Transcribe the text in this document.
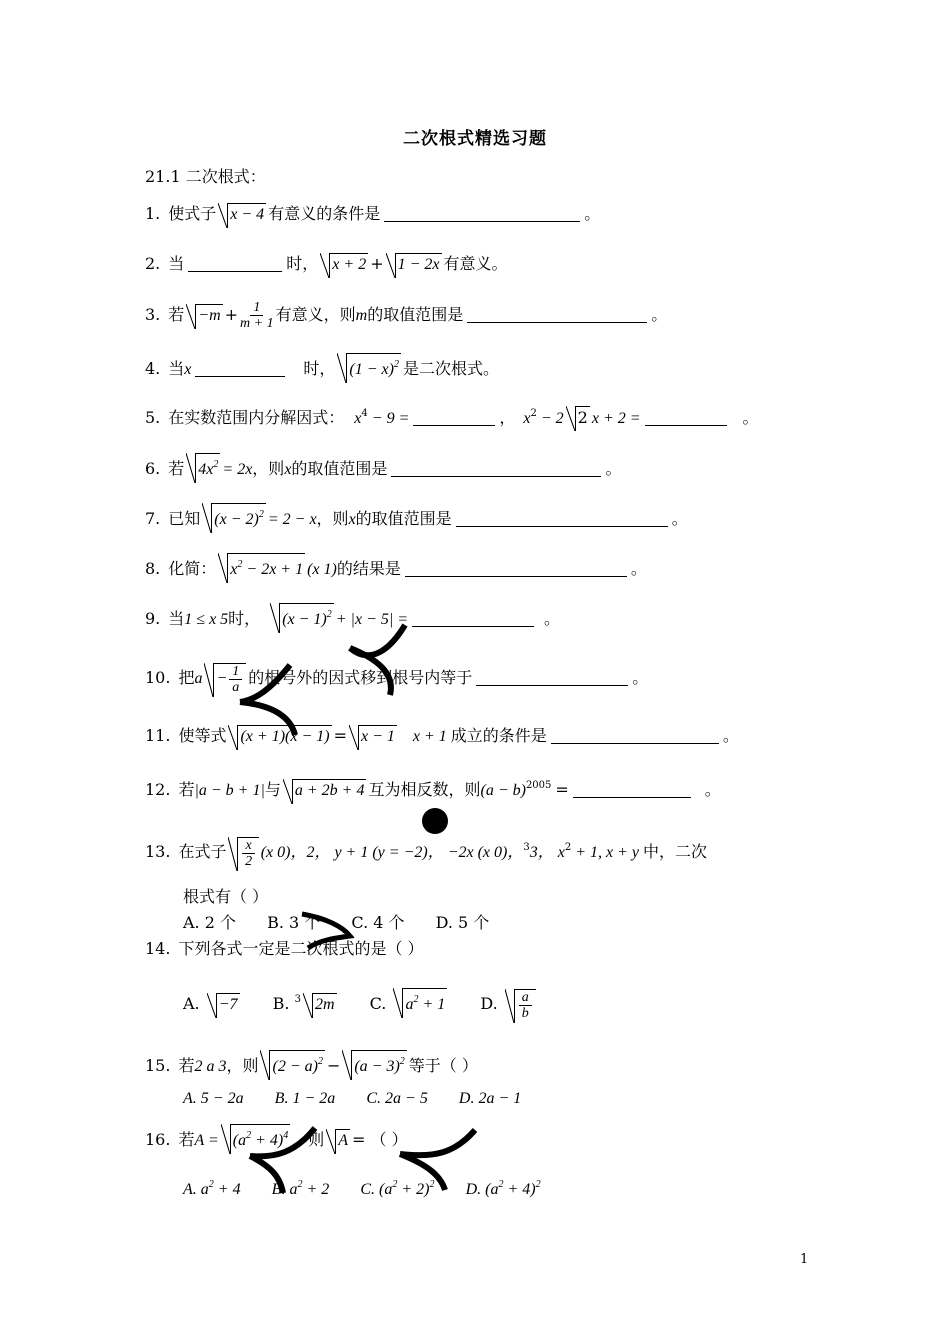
二次根式精选习题
21.1 二次根式：
1. 使式子 x − 4 有意义的条件是	。
2. 当	时， x + 2 + 1 − 2x 有意义。
3. 若 $-m + \frac{1}{m + 1}$ 有意义，则m的取值范围是	。
4. 当x	时， $(1 - x)^2$ 是二次根式。
5. 在实数范围内分解因式： $x^4 - 9$ =	， $x^2 - 2$ 2 x + 2 =	。
6. 若 $4x^2 = 2x$，则x的取值范围是	。
7. 已知 $(x - 2)^2 = 2 - x$，则x的取值范围是	。
8. 化简： $x^2 - 2x + 1$ (x 1)的结果是	。
9. 当1 ≤ x 5时， $(x - 1)^2 + |x - 5|$ =	。
10. 把$a - \frac{1}{a}$ 的根号外的因式移到根号内等于	。
11. 使等式 (x + 1)(x − 1) = x − 1 x + 1 成立的条件是	。
12. 若|a − b + 1|与 a + 2b + 4 互为相反数，则$(a - b)^{2005}$ =	。
13. 在式子 $\frac{x}{2} (x$ 0)，2， y + 1 (y = −2)， −2x (x 0)，$^3$3， $x^2 + 1$, x + y 中，二次
根式有（ ）
A. 2 个 B. 3 个 C. 4 个 D. 5 个
14. 下列各式一定是二次根式的是（ ）
A. −7 B. $^3$ 2m C. $a^2 + 1$ D. $\frac{a}{b}$
15. 若2 a 3，则 $(2 - a)^2 - (a - 3)^2$ 等于（ ）
A. 5 − 2a B. 1 − 2a C. 2a − 5 D. 2a − 1
16. 若$A = (a^2 + 4)^4$ ，则 A = （ ）
A. $a^2 + 4$ B. $a^2 + 2$ C. $(a^2 + 2)^2$ D. $(a^2 + 4)^2$
1
